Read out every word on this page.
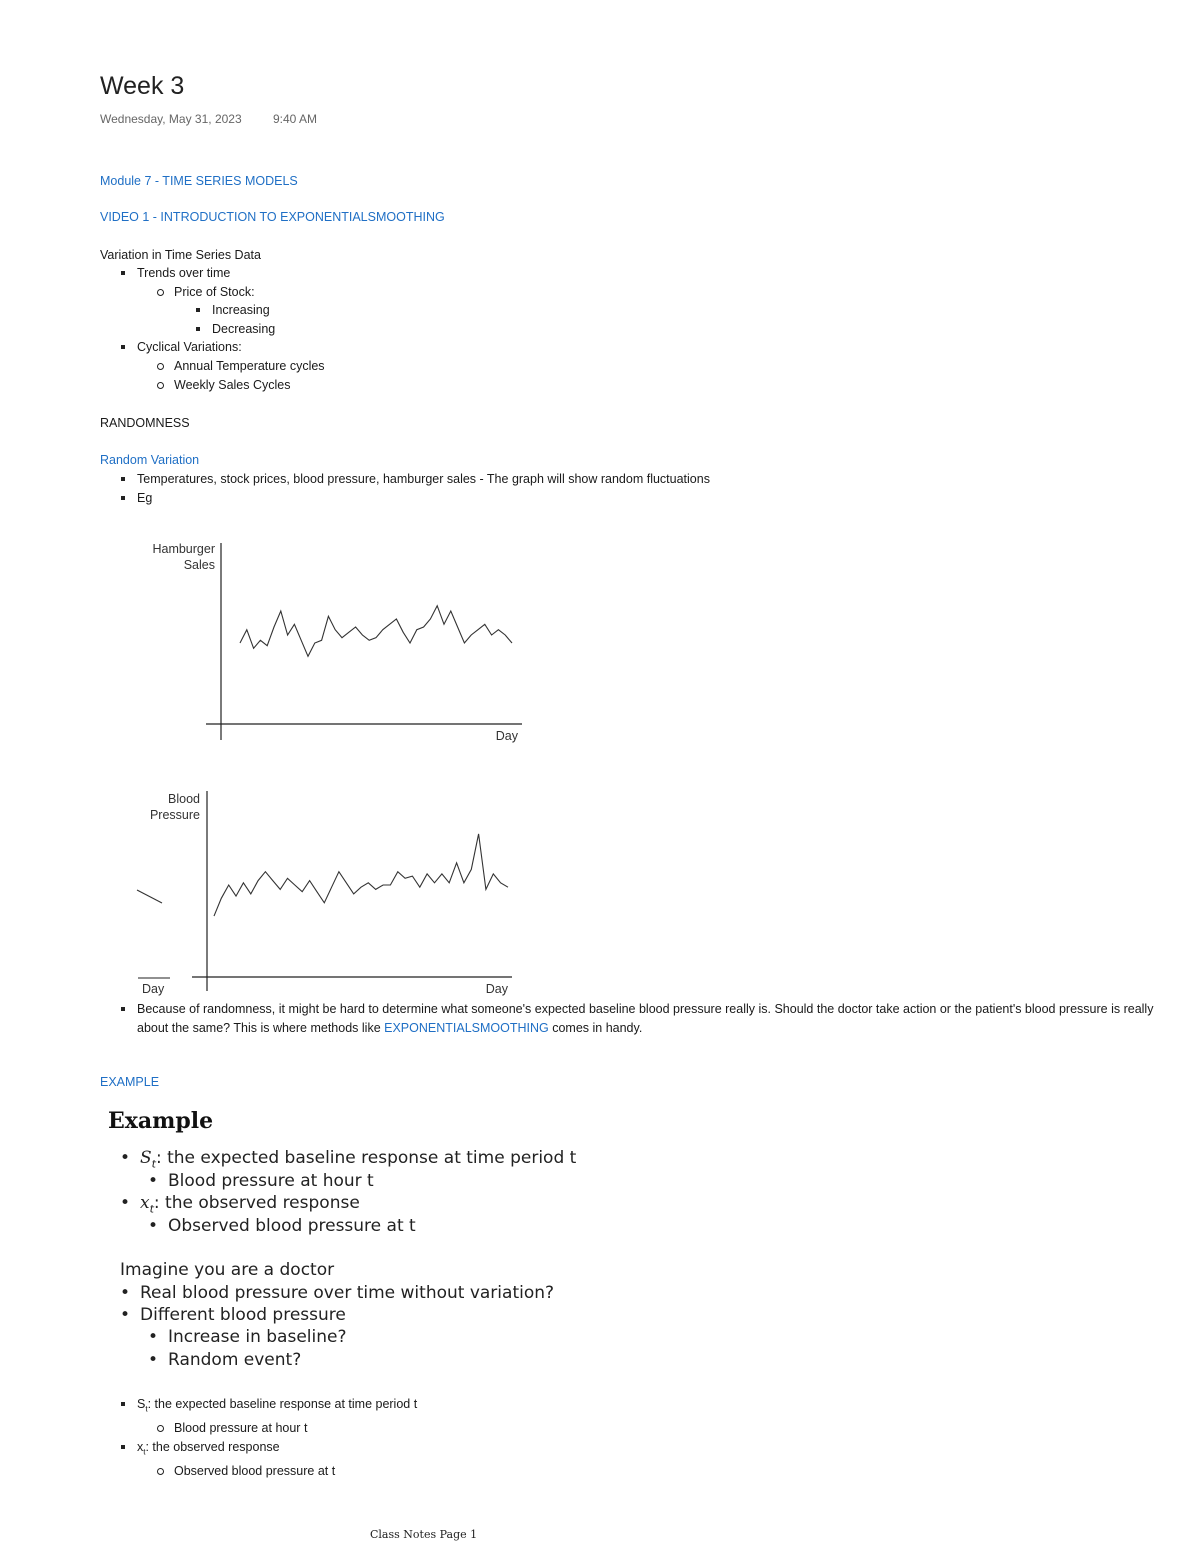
Week 3
Wednesday, May 31, 2023	9:40 AM
Module 7 - TIME SERIES MODELS
VIDEO 1 - INTRODUCTION TO EXPONENTIALSMOOTHING
Variation in Time Series Data
Trends over time
Price of Stock:
Increasing
Decreasing
Cyclical Variations:
Annual Temperature cycles
Weekly Sales Cycles
RANDOMNESS
Random Variation
Temperatures, stock prices, blood pressure, hamburger sales - The graph will show random fluctuations
Eg
Hamburger
Sales
Day
Blood
Pressure
Day	Day
Because of randomness, it might be hard to determine what someone's expected baseline blood pressure really is. Should the doctor take action or the patient's blood pressure is really about the same? This is where methods like EXPONENTIALSMOOTHING comes in handy.
EXAMPLE
Example
• $S_t$: the expected baseline response at time period t
• Blood pressure at hour t
• $x_t$: the observed response
• Observed blood pressure at t
Imagine you are a doctor
• Real blood pressure over time without variation?
• Different blood pressure
• Increase in baseline?
• Random event?
$S_t$: the expected baseline response at time period t
Blood pressure at hour t
$x_t$: the observed response
Observed blood pressure at t
Class Notes Page 1
